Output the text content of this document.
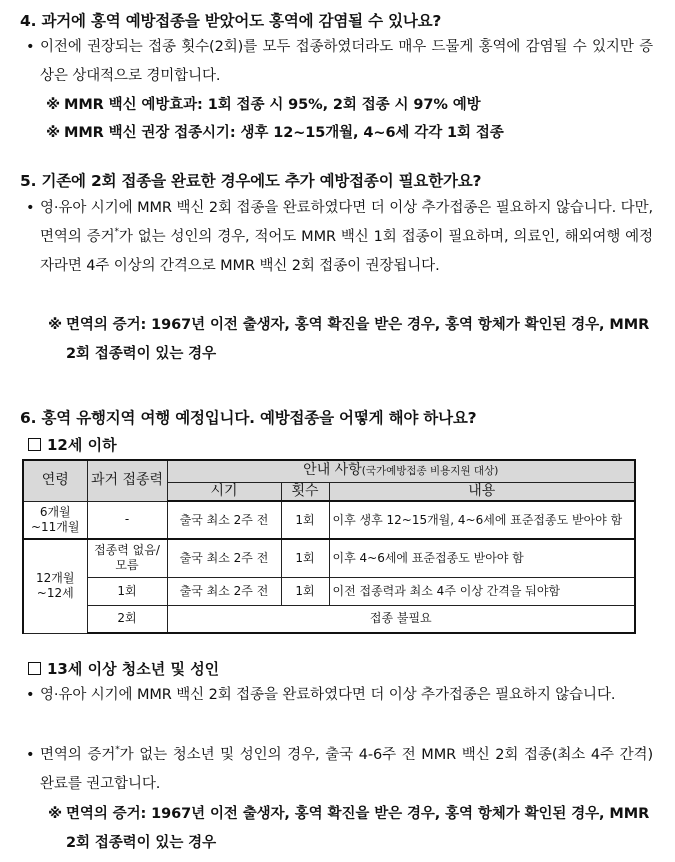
4. 과거에 홍역 예방접종을 받았어도 홍역에 감염될 수 있나요?
• 이전에 권장되는 접종 횟수(2회)를 모두 접종하였더라도 매우 드물게 홍역에 감염될 수 있지만 증상은 상대적으로 경미합니다.
※ MMR 백신 예방효과: 1회 접종 시 95%, 2회 접종 시 97% 예방
※ MMR 백신 권장 접종시기: 생후 12~15개월, 4~6세 각각 1회 접종
5. 기존에 2회 접종을 완료한 경우에도 추가 예방접종이 필요한가요?
• 영·유아 시기에 MMR 백신 2회 접종을 완료하였다면 더 이상 추가접종은 필요하지 않습니다. 다만, 면역의 증거*가 없는 성인의 경우, 적어도 MMR 백신 1회 접종이 필요하며, 의료인, 해외여행 예정자라면 4주 이상의 간격으로 MMR 백신 2회 접종이 권장됩니다.
※ 면역의 증거: 1967년 이전 출생자, 홍역 확진을 받은 경우, 홍역 항체가 확인된 경우, MMR 2회 접종력이 있는 경우
6. 홍역 유행지역 여행 예정입니다. 예방접종을 어떻게 해야 하나요?
12세 이하
연령	과거 접종력	안내 사항(국가예방접종 비용지원 대상)		
		시기	횟수	내용
6개월 ~11개월	-	출국 최소 2주 전	1회	이후 생후 12~15개월, 4~6세에 표준접종도 받아야 함
12개월 ~12세	접종력 없음/모름	출국 최소 2주 전	1회	이후 4~6세에 표준접종도 받아야 함
	1회	출국 최소 2주 전	1회	이전 접종력과 최소 4주 이상 간격을 둬야함
	2회	접종 불필요		
13세 이상 청소년 및 성인
• 영·유아 시기에 MMR 백신 2회 접종을 완료하였다면 더 이상 추가접종은 필요하지 않습니다.
• 면역의 증거*가 없는 청소년 및 성인의 경우, 출국 4-6주 전 MMR 백신 2회 접종(최소 4주 간격) 완료를 권고합니다.
※ 면역의 증거: 1967년 이전 출생자, 홍역 확진을 받은 경우, 홍역 항체가 확인된 경우, MMR 2회 접종력이 있는 경우
